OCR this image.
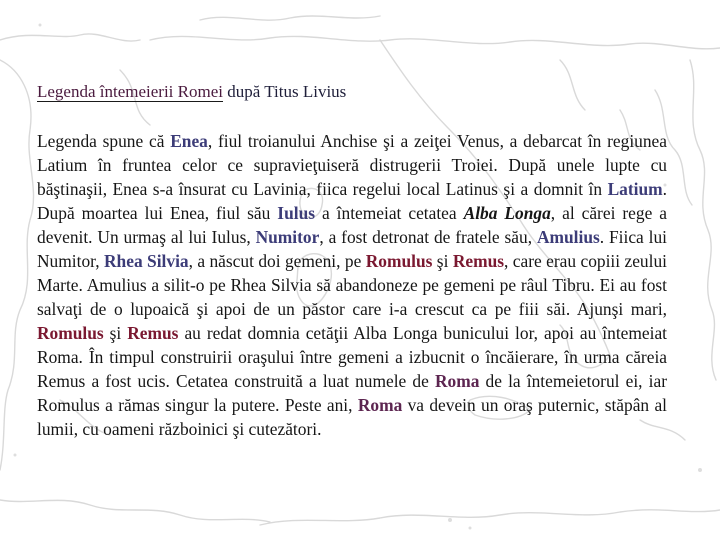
Legenda întemeierii Romei după Titus Livius
Legenda spune că Enea, fiul troianului Anchise şi a zeiţei Venus, a debarcat în regiunea Latium în fruntea celor ce supravieţuiseră distrugerii Troiei. După unele lupte cu băştinaşii, Enea s-a însurat cu Lavinia, fiica regelui local Latinus şi a domnit în Latium. După moartea lui Enea, fiul său Iulus a întemeiat cetatea Alba Longa, al cărei rege a devenit. Un urmaş al lui Iulus, Numitor, a fost detronat de fratele său, Amulius. Fiica lui Numitor, Rhea Silvia, a născut doi gemeni, pe Romulus şi Remus, care erau copiii zeului Marte. Amulius a silit-o pe Rhea Silvia să abandoneze pe gemeni pe râul Tibru. Ei au fost salvaţi de o lupoaică şi apoi de un păstor care i-a crescut ca pe fiii săi. Ajunşi mari, Romulus şi Remus au redat domnia cetăţii Alba Longa bunicului lor, apoi au întemeiat Roma. În timpul construirii oraşului între gemeni a izbucnit o încăierare, în urma căreia Remus a fost ucis. Cetatea construită a luat numele de Roma de la întemeietorul ei, iar Romulus a rămas singur la putere. Peste ani, Roma va devein un oraş puternic, stăpân al lumii, cu oameni războinici şi cutezători.
